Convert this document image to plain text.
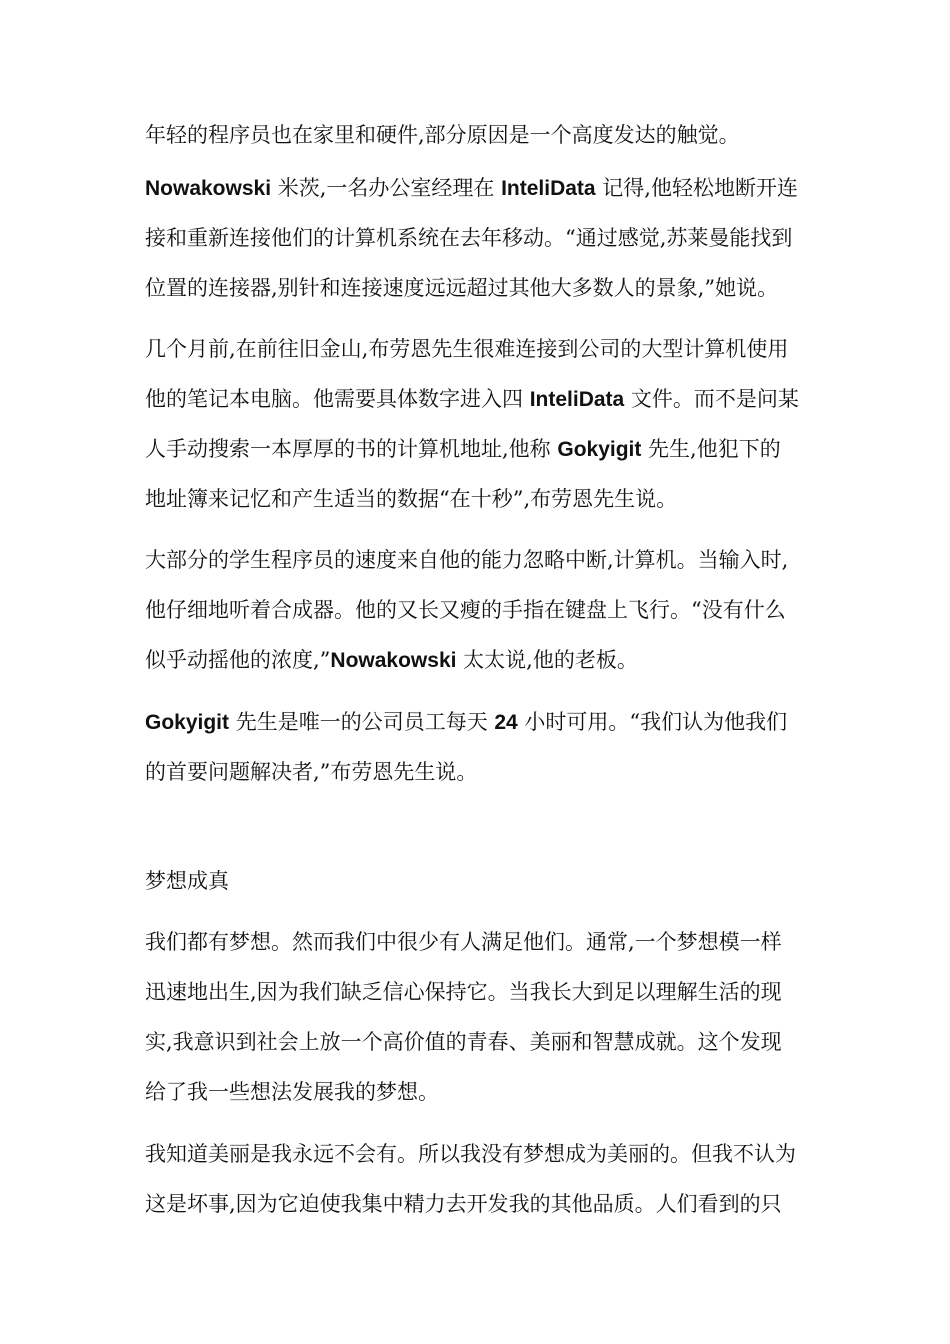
年轻的程序员也在家里和硬件,部分原因是一个高度发达的触觉。

Nowakowski 米茨,一名办公室经理在 InteliData 记得,他轻松地断开连

接和重新连接他们的计算机系统在去年移动。“通过感觉,苏莱曼能找到

位置的连接器,别针和连接速度远远超过其他大多数人的景象,”她说。

几个月前,在前往旧金山,布劳恩先生很难连接到公司的大型计算机使用

他的笔记本电脑。他需要具体数字进入四 InteliData 文件。而不是问某

人手动搜索一本厚厚的书的计算机地址,他称 Gokyigit 先生,他犯下的

地址簿来记忆和产生适当的数据“在十秒”,布劳恩先生说。

大部分的学生程序员的速度来自他的能力忽略中断,计算机。当输入时,

他仔细地听着合成器。他的又长又瘦的手指在键盘上飞行。“没有什么

似乎动摇他的浓度,”Nowakowski 太太说,他的老板。

Gokyigit 先生是唯一的公司员工每天 24 小时可用。“我们认为他我们

的首要问题解决者,”布劳恩先生说。

梦想成真

我们都有梦想。然而我们中很少有人满足他们。通常,一个梦想模一样

迅速地出生,因为我们缺乏信心保持它。当我长大到足以理解生活的现

实,我意识到社会上放一个高价值的青春、美丽和智慧成就。这个发现

给了我一些想法发展我的梦想。

我知道美丽是我永远不会有。所以我没有梦想成为美丽的。但我不认为

这是坏事,因为它迫使我集中精力去开发我的其他品质。人们看到的只
